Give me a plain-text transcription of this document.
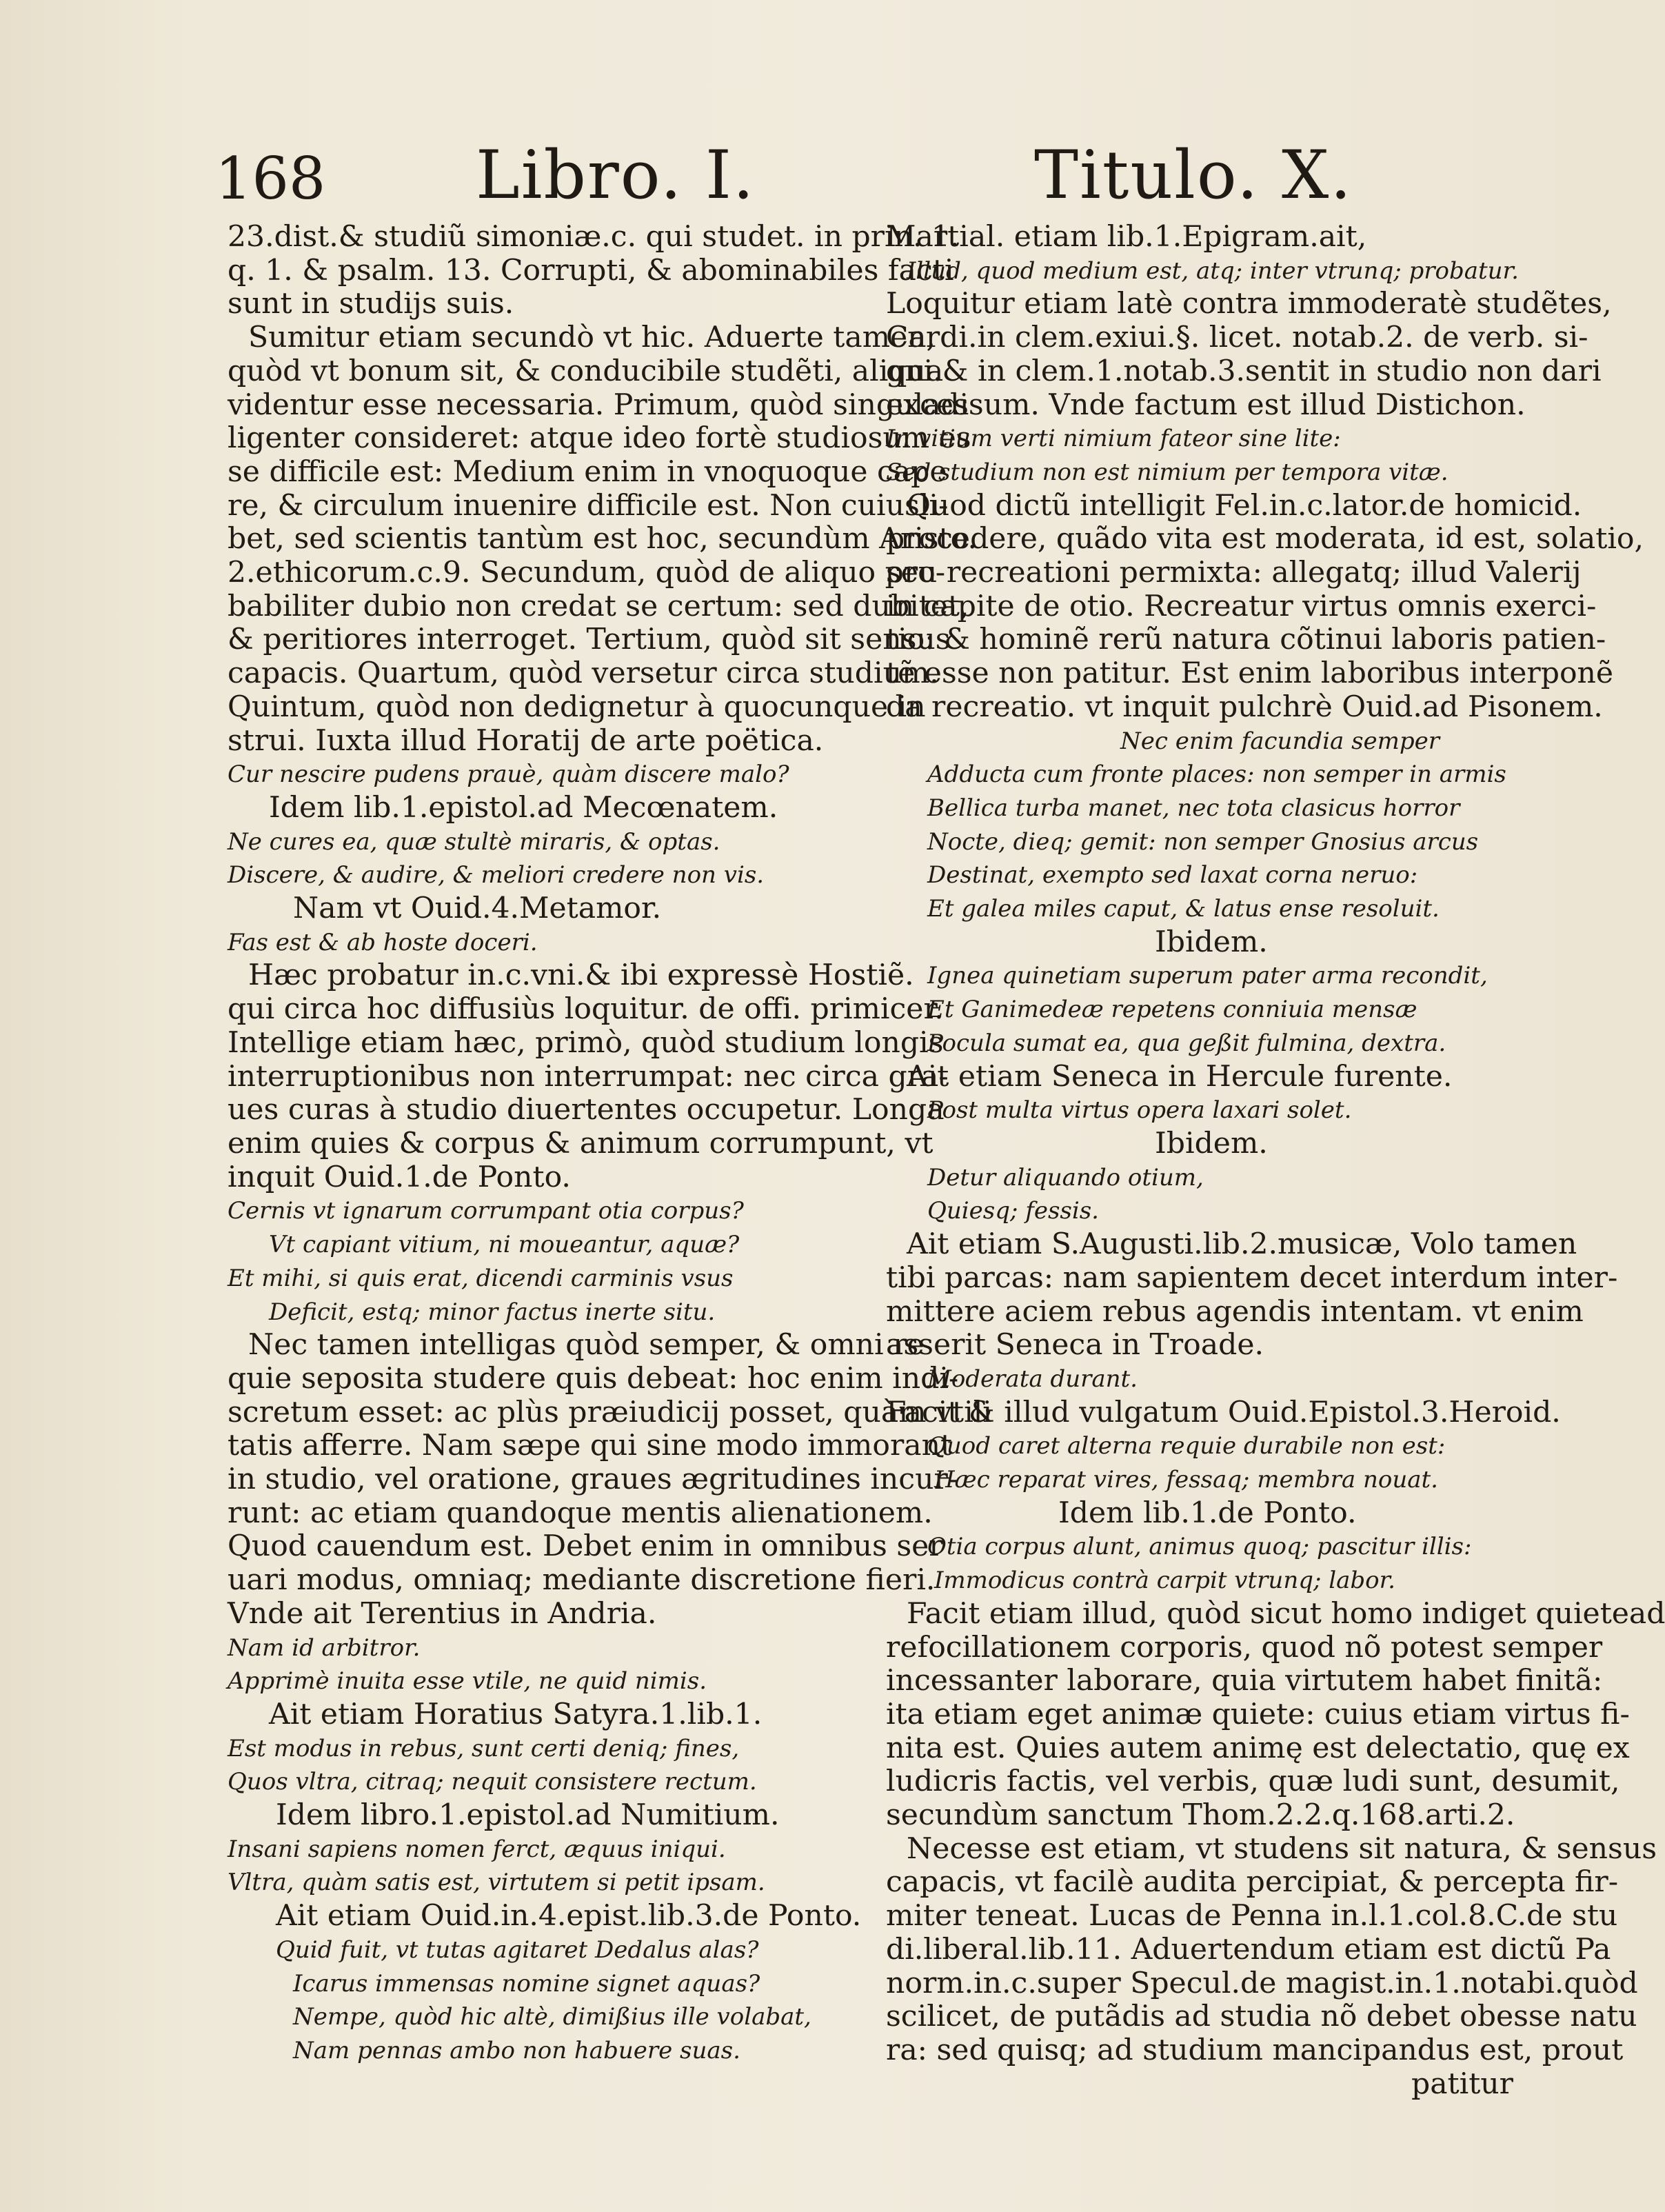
168 Libro. I.	Titulo. X.
23.dist.& studiũ simoniæ.c. qui studet. in prin. 1.
q. 1. & psalm. 13. Corrupti, & abominabiles facti
sunt in studijs suis.
Sumitur etiam secundò vt hic. Aduerte tamen,
quòd vt bonum sit, & conducibile studẽti, aliqua
videntur esse necessaria. Primum, quòd singuladi
ligenter consideret: atque ideo fortè studiosum es
se difficile est: Medium enim in vnoquoque cape
re, & circulum inuenire difficile est. Non cuiusli-
bet, sed scientis tantùm est hoc, secundùm Aristo.
2.ethicorum.c.9. Secundum, quòd de aliquo pro-
babiliter dubio non credat se certum: sed dubitet,
& peritiores interroget. Tertium, quòd sit sensus
capacis. Quartum, quòd versetur circa studium.
Quintum, quòd non dedignetur à quocunque in
strui. Iuxta illud Horatij de arte poëtica.
Cur nescire pudens prauè, quàm discere malo?
Idem lib.1.epistol.ad Mecœnatem.
Ne cures ea, quæ stultè miraris, & optas.
Discere, & audire, & meliori credere non vis.
Nam vt Ouid.4.Metamor.
Fas est & ab hoste doceri.
Hæc probatur in.c.vni.& ibi expressè Hostiẽ.
qui circa hoc diffusiùs loquitur. de offi. primicer.
Intellige etiam hæc, primò, quòd studium longis
interruptionibus non interrumpat: nec circa gra-
ues curas à studio diuertentes occupetur. Longa
enim quies & corpus & animum corrumpunt, vt
inquit Ouid.1.de Ponto.
Cernis vt ignarum corrumpant otia corpus?
Vt capiant vitium, ni moueantur, aquæ?
Et mihi, si quis erat, dicendi carminis vsus
Deficit, estq; minor factus inerte situ.
Nec tamen intelligas quòd semper, & omni re
quie seposita studere quis debeat: hoc enim indi-
scretum esset: ac plùs præiudicij posset, quàm vtili
tatis afferre. Nam sæpe qui sine modo immorant
in studio, vel oratione, graues ægritudines incur-
runt: ac etiam quandoque mentis alienationem.
Quod cauendum est. Debet enim in omnibus ser
uari modus, omniaq; mediante discretione fieri.
Vnde ait Terentius in Andria.
Nam id arbitror.
Apprimè inuita esse vtile, ne quid nimis.
Ait etiam Horatius Satyra.1.lib.1.
Est modus in rebus, sunt certi deniq; fines,
Quos vltra, citraq; nequit consistere rectum.
Idem libro.1.epistol.ad Numitium.
Insani sapiens nomen ferct, æquus iniqui.
Vltra, quàm satis est, virtutem si petit ipsam.
Ait etiam Ouid.in.4.epist.lib.3.de Ponto.
Quid fuit, vt tutas agitaret Dedalus alas?
Icarus immensas nomine signet aquas?
Nempe, quòd hic altè, dimißius ille volabat,
Nam pennas ambo non habuere suas.
Martial. etiam lib.1.Epigram.ait,
Illud, quod medium est, atq; inter vtrunq; probatur.
Loquitur etiam latè contra immoderatè studẽtes,
Cardi.in clem.exiui.§. licet. notab.2. de verb. si-
gni.& in clem.1.notab.3.sentit in studio non dari
excessum. Vnde factum est illud Distichon.
In vitium verti nimium fateor sine lite:
Sed studium non est nimium per tempora vitæ.
Quod dictũ intelligit Fel.in.c.lator.de homicid.
procedere, quãdo vita est moderata, id est, solatio,
seu recreationi permixta: allegatq; illud Valerij
in capite de otio. Recreatur virtus omnis exerci-
tio: & hominẽ rerũ natura cõtinui laboris patien-
tẽ esse non patitur. Est enim laboribus interponẽ
da recreatio. vt inquit pulchrè Ouid.ad Pisonem.
Nec enim facundia semper
Adducta cum fronte places: non semper in armis
Bellica turba manet, nec tota clasicus horror
Nocte, dieq; gemit: non semper Gnosius arcus
Destinat, exempto sed laxat corna neruo:
Et galea miles caput, & latus ense resoluit.
Ibidem.
Ignea quinetiam superum pater arma recondit,
Et Ganimedeæ repetens conniuia mensæ
Pocula sumat ea, qua geßit fulmina, dextra.
Ait etiam Seneca in Hercule furente.
Post multa virtus opera laxari solet.
Ibidem.
Detur aliquando otium,
Quiesq; fessis.
Ait etiam S.Augusti.lib.2.musicæ, Volo tamen
tibi parcas: nam sapientem decet interdum inter-
mittere aciem rebus agendis intentam. vt enim
asserit Seneca in Troade.
Moderata durant.
Facit & illud vulgatum Ouid.Epistol.3.Heroid.
Quod caret alterna requie durabile non est:
Hæc reparat vires, fessaq; membra nouat.
Idem lib.1.de Ponto.
Otia corpus alunt, animus quoq; pascitur illis:
Immodicus contrà carpit vtrunq; labor.
Facit etiam illud, quòd sicut homo indiget quietead
refocillationem corporis, quod nõ potest semper
incessanter laborare, quia virtutem habet finitã:
ita etiam eget animæ quiete: cuius etiam virtus fi-
nita est. Quies autem animę est delectatio, quę ex
ludicris factis, vel verbis, quæ ludi sunt, desumit,
secundùm sanctum Thom.2.2.q.168.arti.2.
Necesse est etiam, vt studens sit natura, & sensus
capacis, vt facilè audita percipiat, & percepta fir-
miter teneat. Lucas de Penna in.l.1.col.8.C.de stu
di.liberal.lib.11. Aduertendum etiam est dictũ Pa
norm.in.c.super Specul.de magist.in.1.notabi.quòd
scilicet, de putãdis ad studia nõ debet obesse natu
ra: sed quisq; ad studium mancipandus est, prout
patitur
